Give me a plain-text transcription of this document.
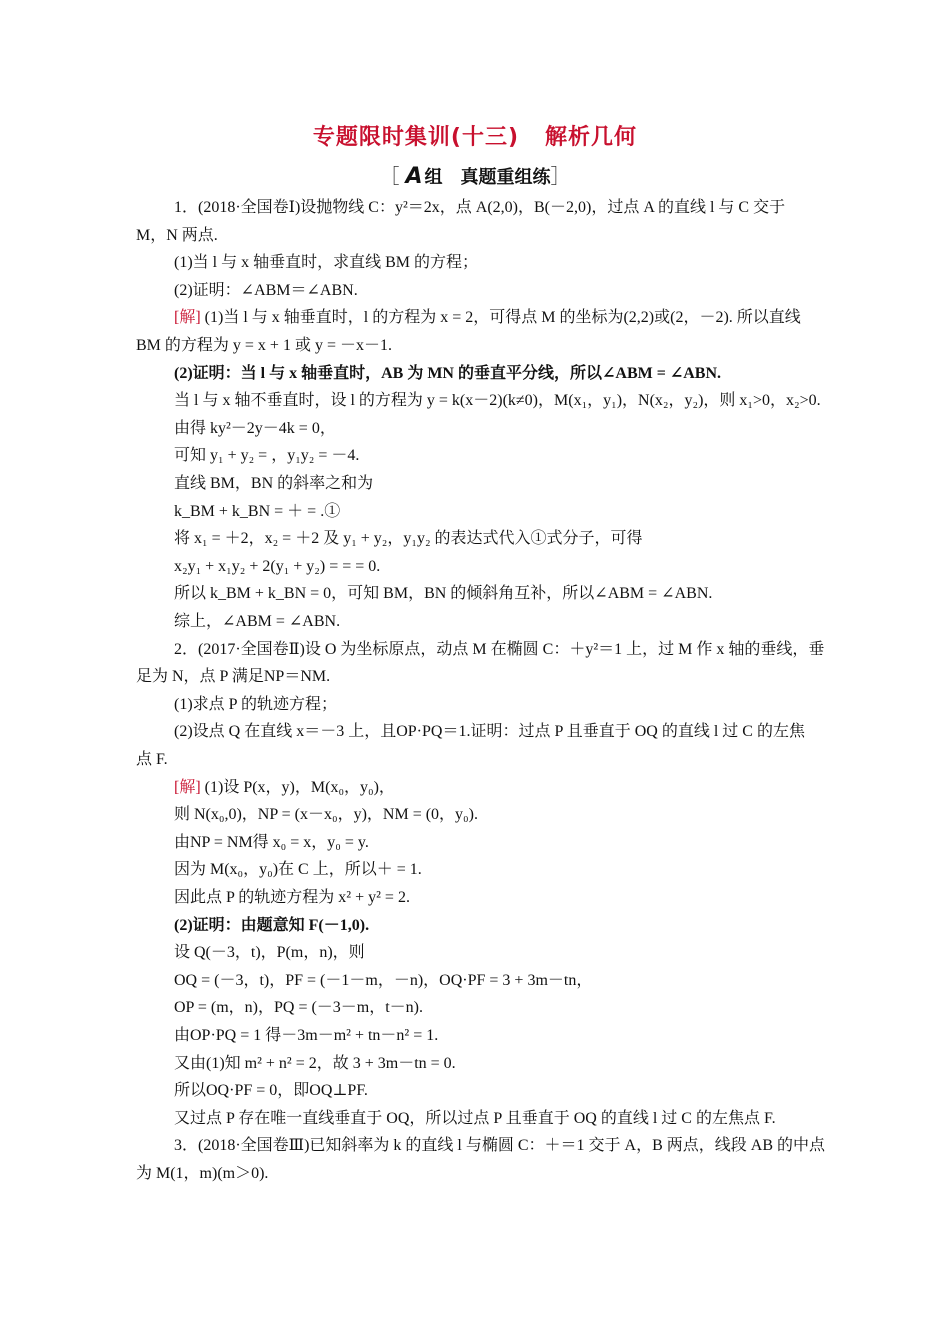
专题限时集训(十三) 解析几何
［ A 组 真题重组练］
1．(2018·全国卷Ⅰ)设抛物线 C：y²＝2x，点 A(2,0)，B(－2,0)，过点 A 的直线 l 与 C 交于
M，N 两点.
(1)当 l 与 x 轴垂直时，求直线 BM 的方程；
(2)证明：∠ABM＝∠ABN.
[解] (1)当 l 与 x 轴垂直时，l 的方程为 x = 2，可得点 M 的坐标为(2,2)或(2，－2). 所以直线
BM 的方程为 y = x + 1 或 y = －x－1.
(2)证明：当 l 与 x 轴垂直时，AB 为 MN 的垂直平分线，所以∠ABM = ∠ABN.
当 l 与 x 轴不垂直时，设 l 的方程为 y = k(x－2)(k≠0)，M(x₁，y₁)，N(x₂，y₂)，则 x₁>0，x₂>0.
由得 ky²－2y－4k = 0，
可知 y₁ + y₂ = ，y₁y₂ = －4.
直线 BM，BN 的斜率之和为
k_BM + k_BN = ＋ = .①
将 x₁ = ＋2，x₂ = ＋2 及 y₁ + y₂，y₁y₂ 的表达式代入①式分子，可得
x₂y₁ + x₁y₂ + 2(y₁ + y₂) = = = 0.
所以 k_BM + k_BN = 0，可知 BM，BN 的倾斜角互补，所以∠ABM = ∠ABN.
综上，∠ABM = ∠ABN.
2．(2017·全国卷Ⅱ)设 O 为坐标原点，动点 M 在椭圆 C：＋y²＝1 上，过 M 作 x 轴的垂线，垂
足为 N，点 P 满足NP＝NM.
(1)求点 P 的轨迹方程；
(2)设点 Q 在直线 x＝－3 上，且OP·PQ＝1.证明：过点 P 且垂直于 OQ 的直线 l 过 C 的左焦
点 F.
[解] (1)设 P(x，y)，M(x₀，y₀)，
则 N(x₀,0)，NP = (x－x₀，y)，NM = (0，y₀).
由NP = NM得 x₀ = x，y₀ = y.
因为 M(x₀，y₀)在 C 上，所以＋ = 1.
因此点 P 的轨迹方程为 x² + y² = 2.
(2)证明：由题意知 F(－1,0).
设 Q(－3，t)，P(m，n)，则
OQ = (－3，t)，PF = (－1－m，－n)，OQ·PF = 3 + 3m－tn，
OP = (m，n)，PQ = (－3－m，t－n).
由OP·PQ = 1 得－3m－m² + tn－n² = 1.
又由(1)知 m² + n² = 2，故 3 + 3m－tn = 0.
所以OQ·PF = 0，即OQ⊥PF.
又过点 P 存在唯一直线垂直于 OQ，所以过点 P 且垂直于 OQ 的直线 l 过 C 的左焦点 F.
3．(2018·全国卷Ⅲ)已知斜率为 k 的直线 l 与椭圆 C：＋＝1 交于 A，B 两点，线段 AB 的中点
为 M(1，m)(m＞0).
